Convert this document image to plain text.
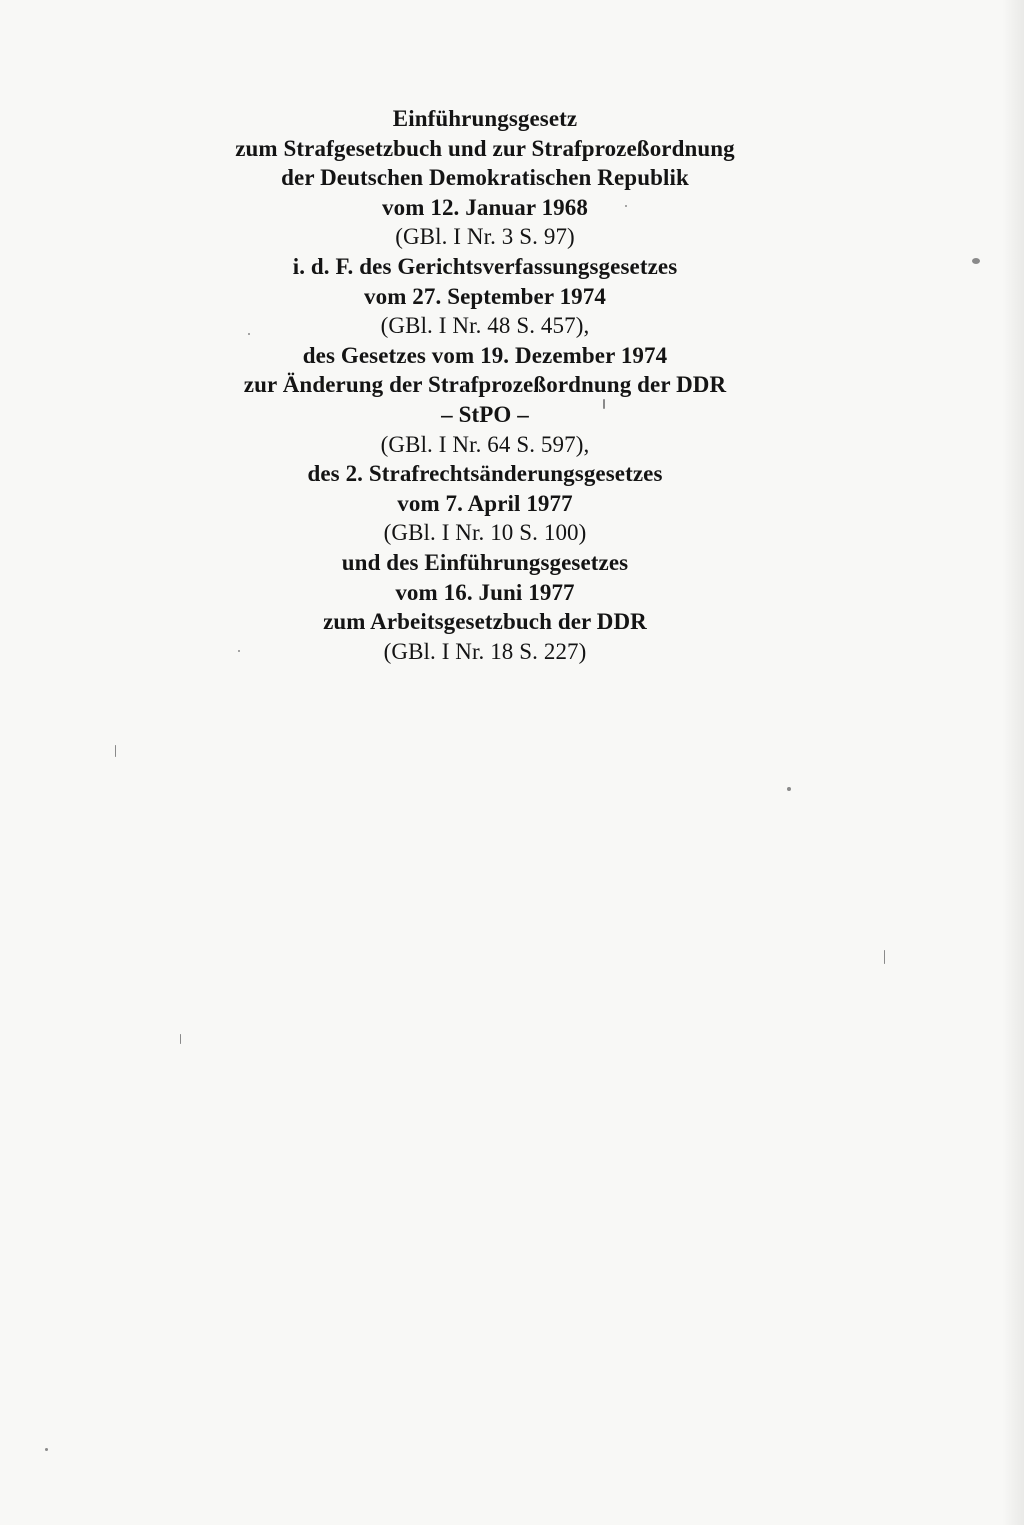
Einführungsgesetz
zum Strafgesetzbuch und zur Strafprozeßordnung
der Deutschen Demokratischen Republik
vom 12. Januar 1968
(GBl. I Nr. 3 S. 97)
i. d. F. des Gerichtsverfassungsgesetzes
vom 27. September 1974
(GBl. I Nr. 48 S. 457),
des Gesetzes vom 19. Dezember 1974
zur Änderung der Strafprozeßordnung der DDR
– StPO –
(GBl. I Nr. 64 S. 597),
des 2. Strafrechtsänderungsgesetzes
vom 7. April 1977
(GBl. I Nr. 10 S. 100)
und des Einführungsgesetzes
vom 16. Juni 1977
zum Arbeitsgesetzbuch der DDR
(GBl. I Nr. 18 S. 227)
